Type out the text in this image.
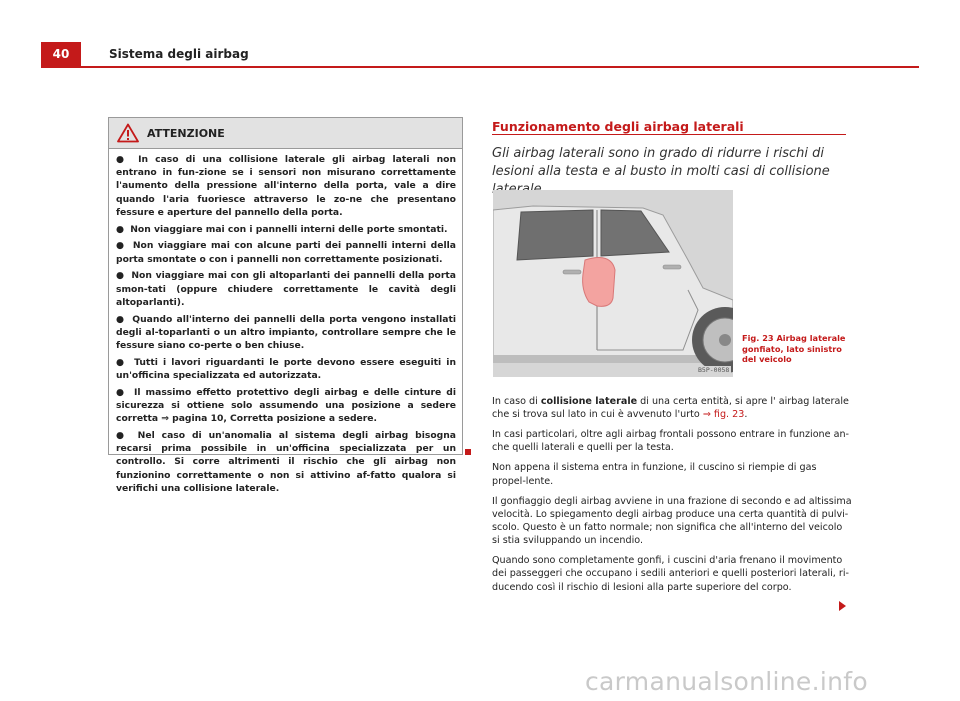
40	Sistema degli airbag
ATTENZIONE
● In caso di una collisione laterale gli airbag laterali non entrano in fun-zione se i sensori non misurano correttamente l'aumento della pressione all'interno della porta, vale a dire quando l'aria fuoriesce attraverso le zo-ne che presentano fessure e aperture del pannello della porta.
● Non viaggiare mai con i pannelli interni delle porte smontati.
● Non viaggiare mai con alcune parti dei pannelli interni della porta smontate o con i pannelli non correttamente posizionati.
● Non viaggiare mai con gli altoparlanti dei pannelli della porta smon-tati (oppure chiudere correttamente le cavità degli altoparlanti).
● Quando all'interno dei pannelli della porta vengono installati degli al-toparlanti o un altro impianto, controllare sempre che le fessure siano co-perte o ben chiuse.
● Tutti i lavori riguardanti le porte devono essere eseguiti in un'officina specializzata ed autorizzata.
● Il massimo effetto protettivo degli airbag e delle cinture di sicurezza si ottiene solo assumendo una posizione a sedere corretta ⇒ pagina 10, Corretta posizione a sedere.
● Nel caso di un'anomalia al sistema degli airbag bisogna recarsi prima possibile in un'officina specializzata per un controllo. Si corre altrimenti il rischio che gli airbag non funzionino correttamente o non si attivino af-fatto qualora si verifichi una collisione laterale.
Funzionamento degli airbag laterali
Gli airbag laterali sono in grado di ridurre i rischi di lesioni alla testa e al busto in molti casi di collisione
B5P-0058
Fig. 23 Airbag laterale gonfiato, lato sinistro del veicolo

In caso di collisione laterale di una certa entità, si apre l' airbag laterale che si trova sul lato in cui è avvenuto l'urto ⇒ fig. 23.

In casi particolari, oltre agli airbag frontali possono entrare in funzione an-che quelli laterali e quelli per la testa.

Non appena il sistema entra in funzione, il cuscino si riempie di gas propel-lente.

Il gonfiaggio degli airbag avviene in una frazione di secondo e ad altissima velocità. Lo spiegamento degli airbag produce una certa quantità di pulvi-scolo. Questo è un fatto normale; non significa che all'interno del veicolo si stia sviluppando un incendio.

Quando sono completamente gonfi, i cuscini d'aria frenano il movimento dei passeggeri che occupano i sedili anteriori e quelli posteriori laterali, ri-ducendo così il rischio di lesioni alla parte superiore del corpo.

carmanualsonline.info
